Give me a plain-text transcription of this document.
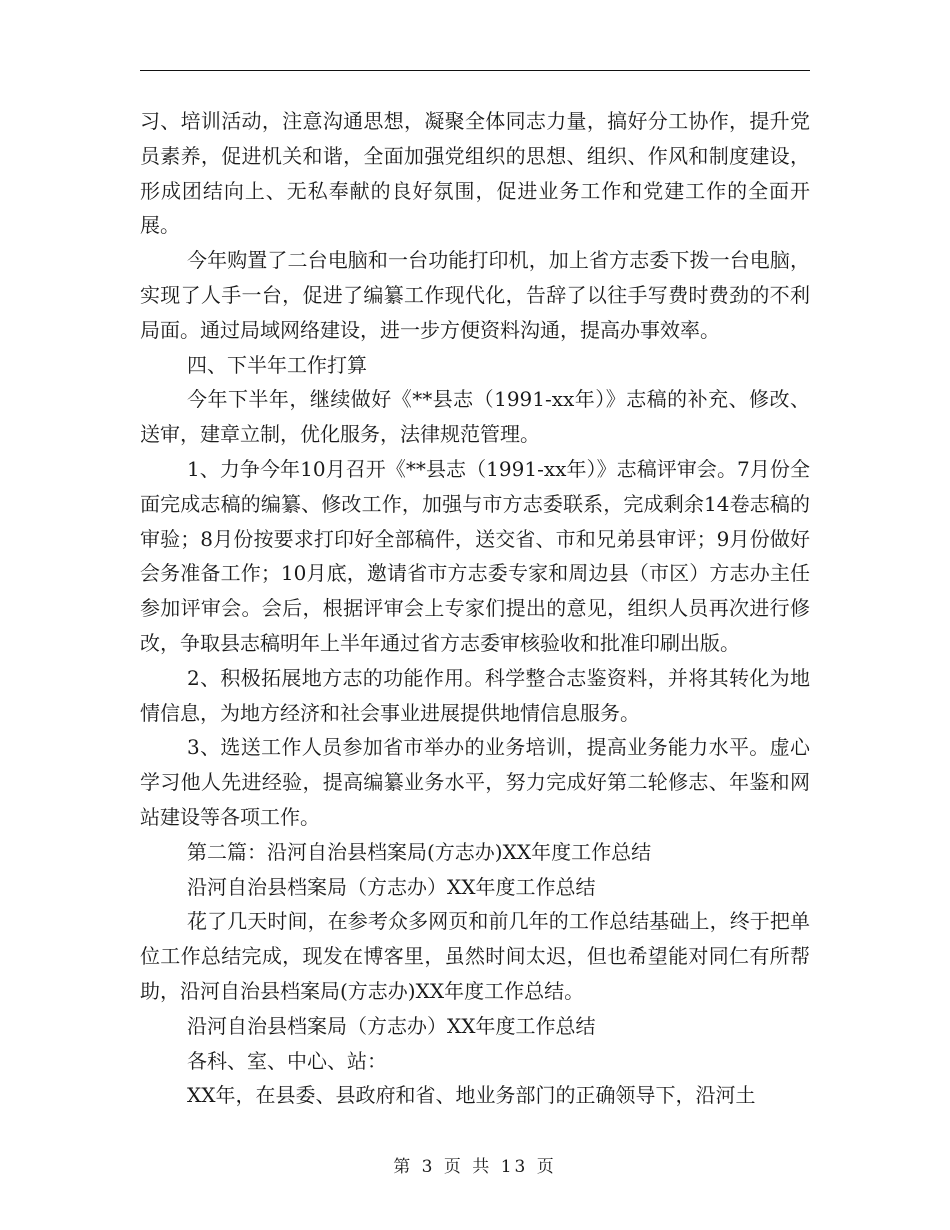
习、培训活动，注意沟通思想，凝聚全体同志力量，搞好分工协作，提升党员素养，促进机关和谐，全面加强党组织的思想、组织、作风和制度建设，形成团结向上、无私奉献的良好氛围，促进业务工作和党建工作的全面开展。

今年购置了二台电脑和一台功能打印机，加上省方志委下拨一台电脑，实现了人手一台，促进了编纂工作现代化，告辞了以往手写费时费劲的不利局面。通过局域网络建设，进一步方便资料沟通，提高办事效率。

四、下半年工作打算

今年下半年，继续做好《**县志（1991-xx年）》志稿的补充、修改、送审，建章立制，优化服务，法律规范管理。

1、力争今年10月召开《**县志（1991-xx年）》志稿评审会。7月份全面完成志稿的编纂、修改工作，加强与市方志委联系，完成剩余14卷志稿的审验；8月份按要求打印好全部稿件，送交省、市和兄弟县审评；9月份做好会务准备工作；10月底，邀请省市方志委专家和周边县（市区）方志办主任参加评审会。会后，根据评审会上专家们提出的意见，组织人员再次进行修改，争取县志稿明年上半年通过省方志委审核验收和批准印刷出版。

2、积极拓展地方志的功能作用。科学整合志鉴资料，并将其转化为地情信息，为地方经济和社会事业进展提供地情信息服务。

3、选送工作人员参加省市举办的业务培训，提高业务能力水平。虚心学习他人先进经验，提高编纂业务水平，努力完成好第二轮修志、年鉴和网站建设等各项工作。

第二篇：沿河自治县档案局(方志办)XX年度工作总结

沿河自治县档案局（方志办）XX年度工作总结

花了几天时间，在参考众多网页和前几年的工作总结基础上，终于把单位工作总结完成，现发在博客里，虽然时间太迟，但也希望能对同仁有所帮助，沿河自治县档案局(方志办)XX年度工作总结。

沿河自治县档案局（方志办）XX年度工作总结

各科、室、中心、站：

XX年，在县委、县政府和省、地业务部门的正确领导下，沿河土

第 3 页 共 13 页
